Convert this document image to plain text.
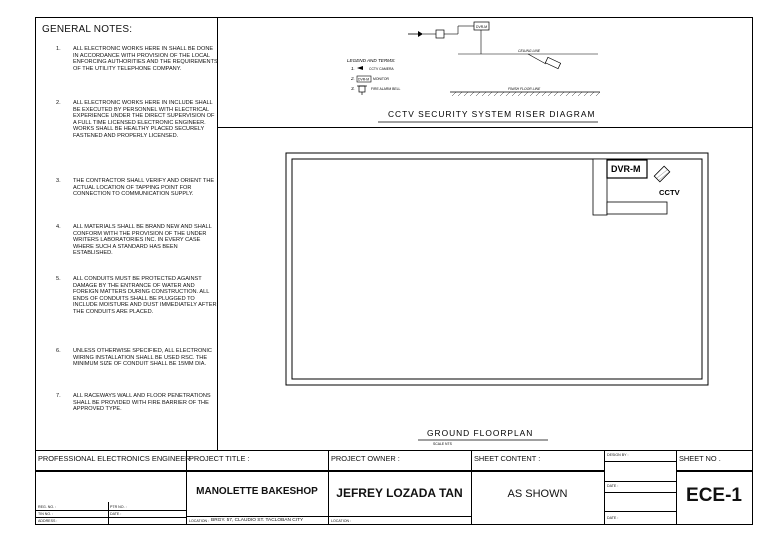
GENERAL NOTES:
1.	ALL ELECTRONIC WORKS HERE IN SHALL BE DONE IN ACCORDANCE WITH PROVISION OF THE LOCAL ENFORCING AUTHORITIES AND THE REQUIREMENTS OF THE UTILITY TELEPHONE COMPANY.
2.	ALL ELECTRONIC WORKS HERE IN INCLUDE SHALL BE EXECUTED BY PERSONNEL WITH ELECTRICAL EXPERIENCE UNDER THE DIRECT SUPERVISION OF A FULL TIME LICENSED ELECTRONIC ENGINEER. WORKS SHALL BE HEALTHY PLACED SECURELY FASTENED AND PROPERLY LICENSED.
3.	THE CONTRACTOR SHALL VERIFY AND ORIENT THE ACTUAL LOCATION OF TAPPING POINT FOR CONNECTION TO COMMUNICATION SUPPLY.
4.	ALL MATERIALS SHALL BE BRAND NEW AND SHALL CONFORM WITH THE PROVISION OF THE UNDER WRITERS LABORATORIES INC. IN EVERY CASE WHERE SUCH A STANDARD HAS BEEN ESTABLISHED.
5.	ALL CONDUITS MUST BE PROTECTED AGAINST DAMAGE BY THE ENTRANCE OF WATER AND FOREIGN MATTERS DURING CONSTRUCTION. ALL ENDS OF CONDUITS SHALL BE PLUGGED TO INCLUDE MOISTURE AND DUST IMMEDIATELY AFTER THE CONDUITS ARE PLACED.
6.	UNLESS OTHERWISE SPECIFIED, ALL ELECTRONIC WIRING INSTALLATION SHALL BE USED RSC. THE MINIMUM SIZE OF CONDUIT SHALL BE 15MM DIA.
7.	ALL RACEWAYS WALL AND FLOOR PENETRATIONS SHALL BE PROVIDED WITH FIRE BARRIER OF THE APPROVED TYPE.
DVR-M
CEILING LINE
FINISH FLOOR LINE
LEGEND AND TERMS:
1.	CCTV CAMERA
2. DVR-M MONITOR
3.	FIRE ALARM BELL
CCTV SECURITY SYSTEM RISER DIAGRAM
DVR-M
CCTV
GROUND FLOORPLAN
SCALE NTS
PROFESSIONAL ELECTRONICS ENGINEER
REG. NO. :	PTR NO. :
TIN NO. :	DATE :
ADDRESS :
PROJECT TITLE :
MANOLETTE BAKESHOP
LOCATION : BRGY. 57, CLAUDIO ST. TACLOBAN CITY
PROJECT OWNER :
JEFREY LOZADA TAN
LOCATION :
SHEET CONTENT :
AS SHOWN
DESIGN BY :
DATE :
DATE :
SHEET NO .
ECE-1
